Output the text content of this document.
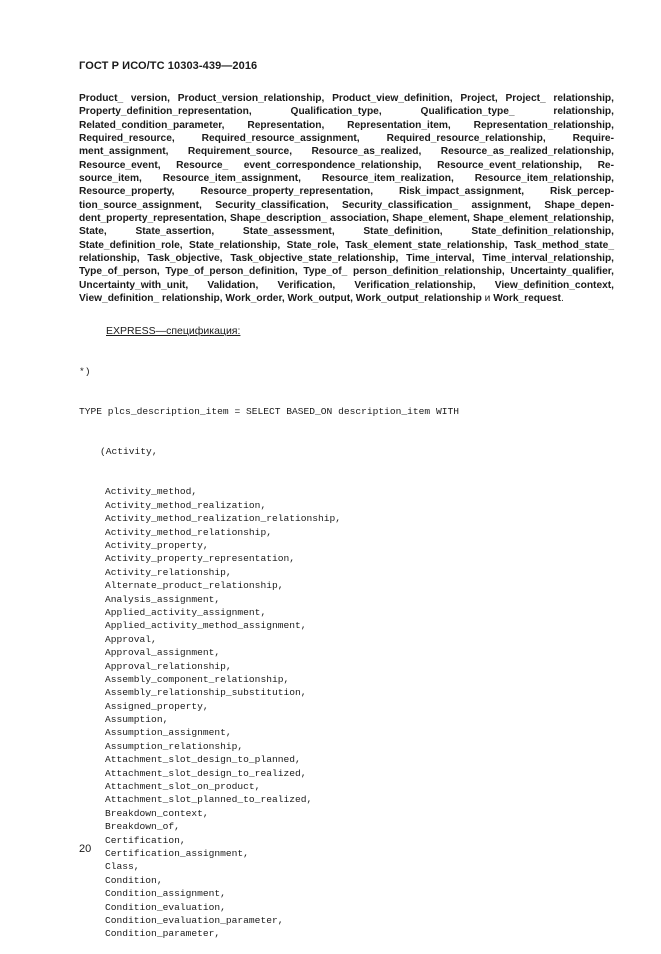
ГОСТ Р ИСО/ТС 10303-439—2016

Product_ version, Product_version_relationship, Product_view_definition, Project, Project_ relationship, Property_definition_representation, Qualification_type, Qualification_type_ relationship, Related_condition_parameter, Representation, Representation_item, Representation_relationship, Required_resource, Required_resource_assignment, Required_resource_relationship, Requirement_assignment, Requirement_source, Resource_as_realized, Resource_as_realized_relationship, Resource_event, Resource_ event_correspondence_relationship, Resource_event_relationship, Resource_item, Resource_item_assignment, Resource_item_realization, Resource_item_relationship, Resource_property, Resource_property_representation, Risk_impact_assignment, Risk_perception_source_assignment, Security_classification, Security_classification_ assignment, Shape_dependent_property_representation, Shape_description_ association, Shape_element, Shape_element_relationship, State, State_assertion, State_assessment, State_definition, State_definition_relationship, State_definition_role, State_relationship, State_role, Task_element_state_relationship, Task_method_state_ relationship, Task_objective, Task_objective_state_relationship, Time_interval, Time_interval_relationship, Type_of_person, Type_of_person_definition, Type_of_ person_definition_relationship, Uncertainty_qualifier, Uncertainty_with_unit, Validation, Verification, Verification_relationship, View_definition_context, View_definition_ relationship, Work_order, Work_output, Work_output_relationship и Work_request.

EXPRESS—спецификация:

*)

TYPE plcs_description_item = SELECT BASED_ON description_item WITH

(Activity,

Activity_method,
Activity_method_realization,
Activity_method_realization_relationship,
Activity_method_relationship,
Activity_property,
Activity_property_representation,
Activity_relationship,
Alternate_product_relationship,
Analysis_assignment,
Applied_activity_assignment,
Applied_activity_method_assignment,
Approval,
Approval_assignment,
Approval_relationship,
Assembly_component_relationship,
Assembly_relationship_substitution,
Assigned_property,
Assumption,
Assumption_assignment,
Assumption_relationship,
Attachment_slot_design_to_planned,
Attachment_slot_design_to_realized,
Attachment_slot_on_product,
Attachment_slot_planned_to_realized,
Breakdown_context,
Breakdown_of,
Certification,
Certification_assignment,
Class,
Condition,
Condition_assignment,
Condition_evaluation,
Condition_evaluation_parameter,
Condition_parameter,

20
